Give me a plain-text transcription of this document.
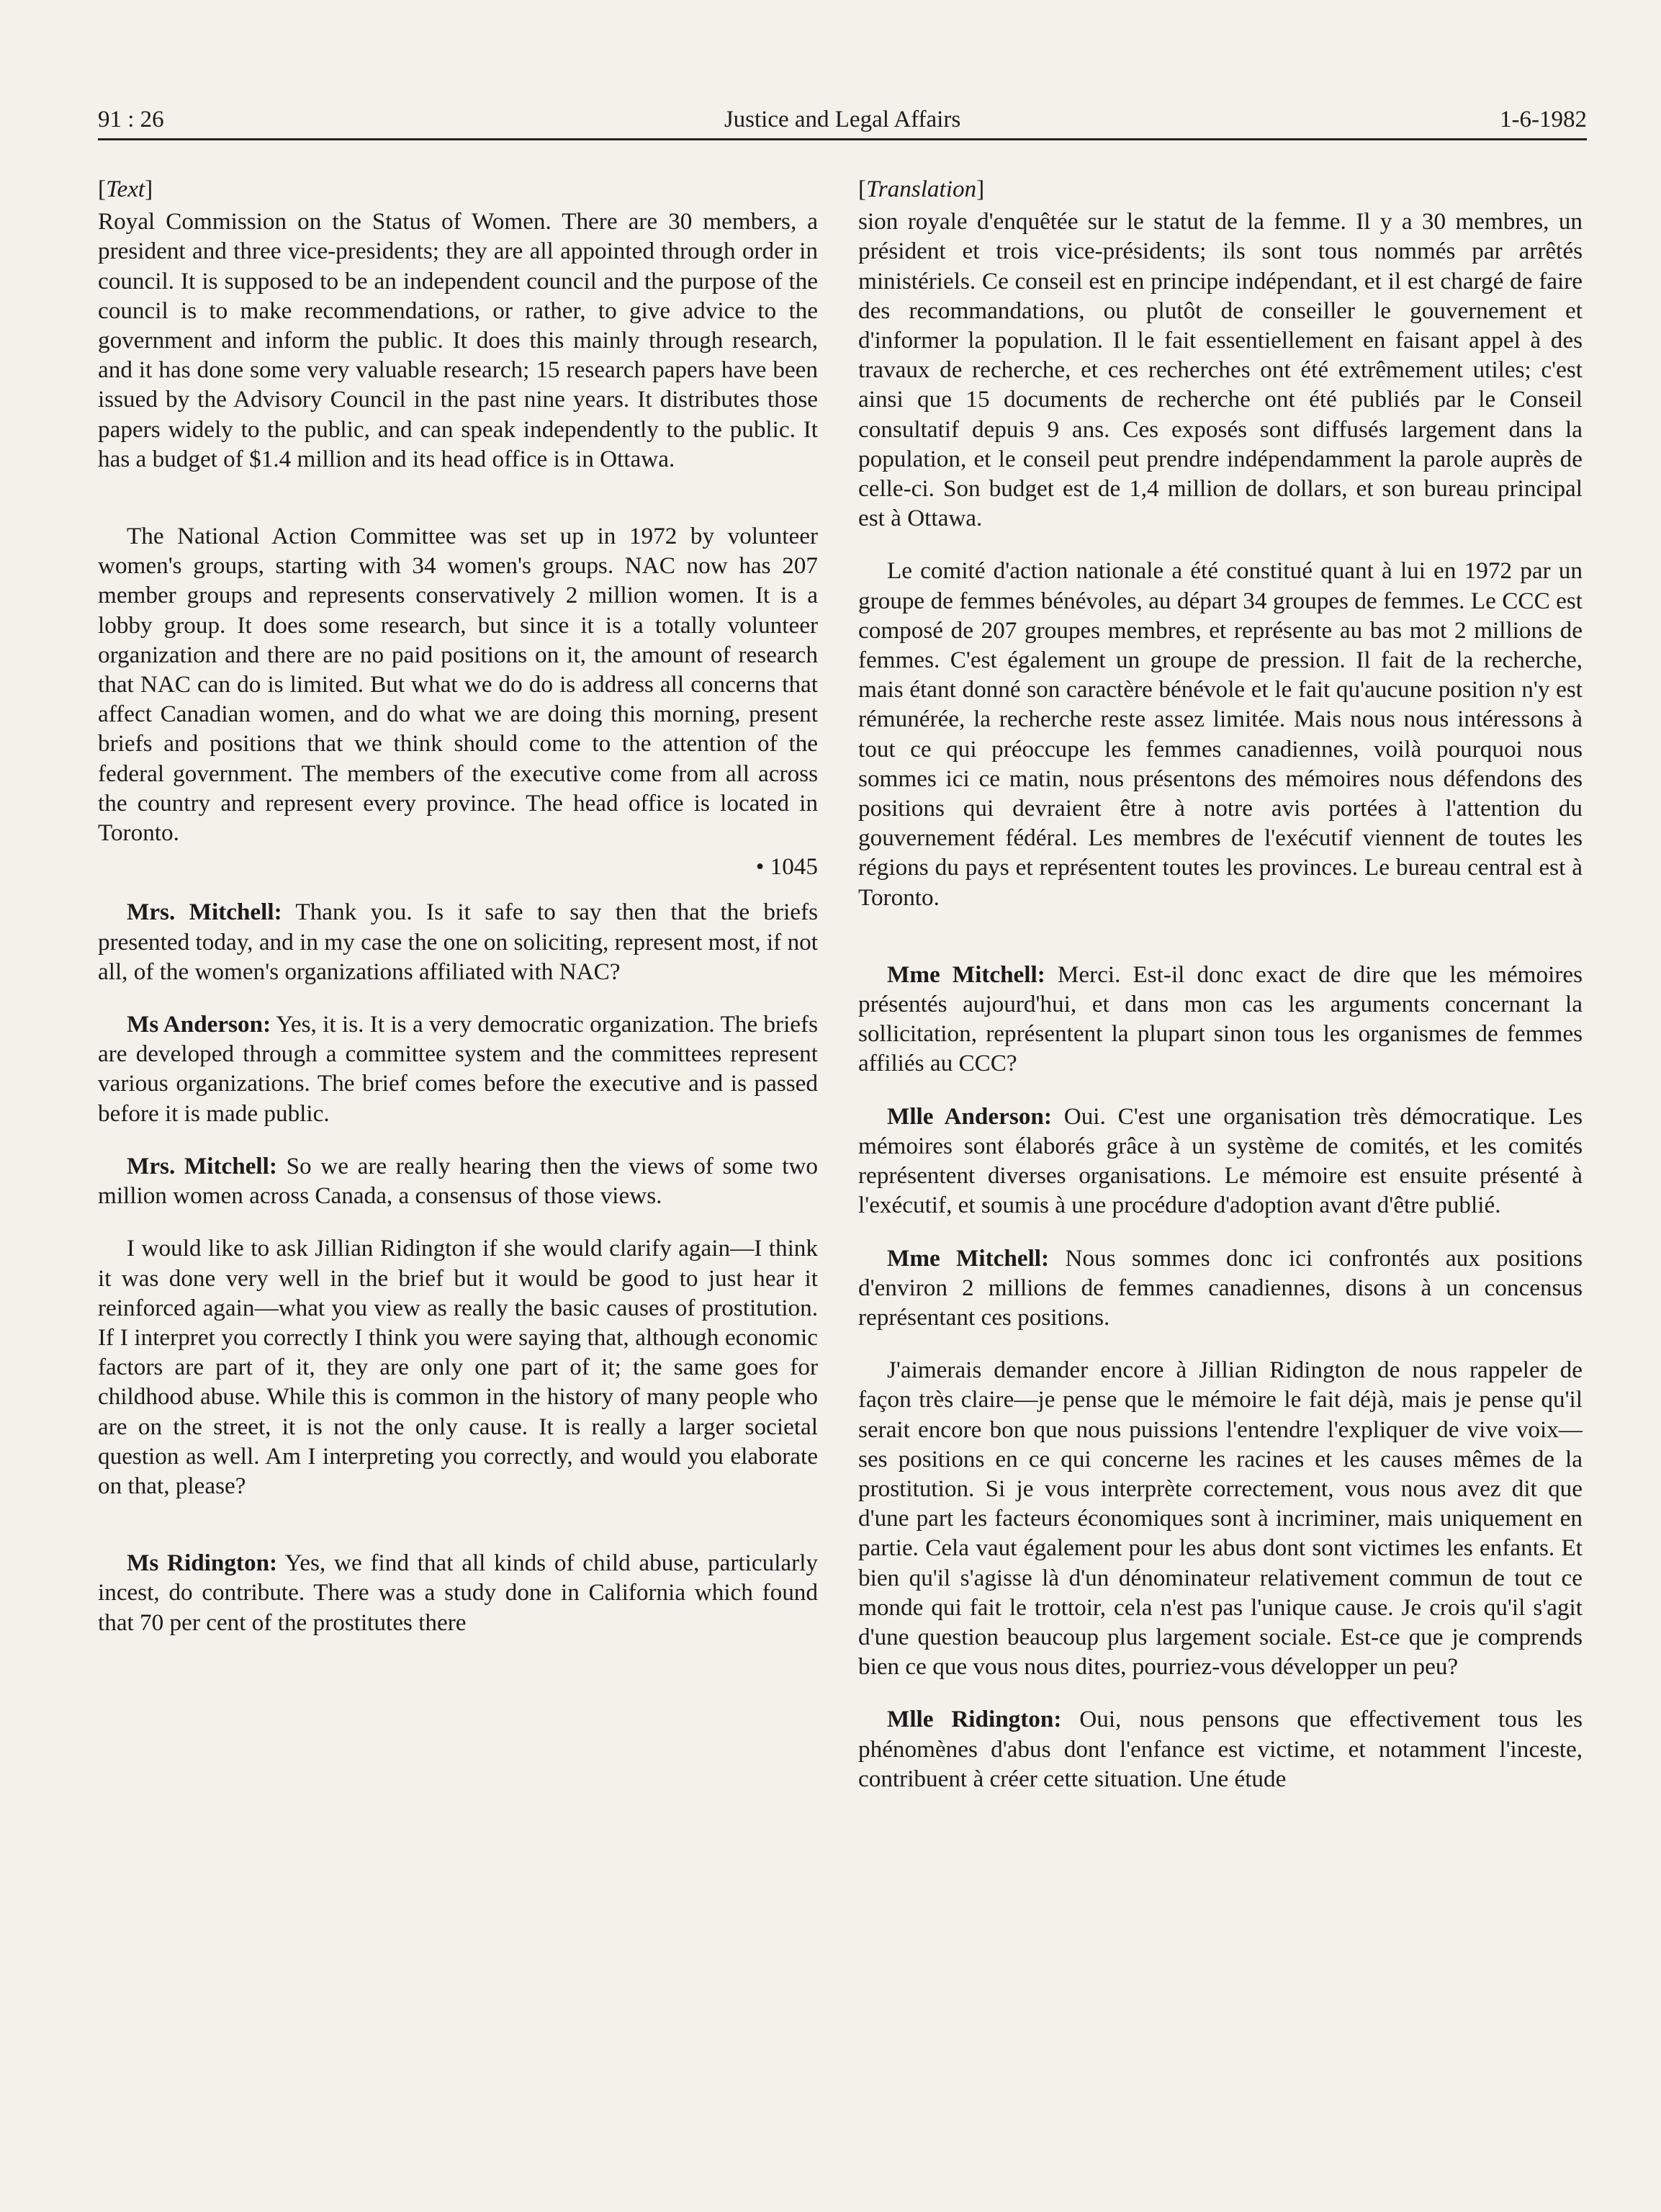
91 : 26	Justice and Legal Affairs	1-6-1982
[Text]

Royal Commission on the Status of Women. There are 30 members, a president and three vice-presidents; they are all appointed through order in council. It is supposed to be an independent council and the purpose of the council is to make recommendations, or rather, to give advice to the government and inform the public. It does this mainly through research, and it has done some very valuable research; 15 research papers have been issued by the Advisory Council in the past nine years. It distributes those papers widely to the public, and can speak independently to the public. It has a budget of $1.4 million and its head office is in Ottawa.

The National Action Committee was set up in 1972 by volunteer women's groups, starting with 34 women's groups. NAC now has 207 member groups and represents conservatively 2 million women. It is a lobby group. It does some research, but since it is a totally volunteer organization and there are no paid positions on it, the amount of research that NAC can do is limited. But what we do do is address all concerns that affect Canadian women, and do what we are doing this morning, present briefs and positions that we think should come to the attention of the federal government. The members of the executive come from all across the country and represent every province. The head office is located in Toronto.

• 1045

Mrs. Mitchell: Thank you. Is it safe to say then that the briefs presented today, and in my case the one on soliciting, represent most, if not all, of the women's organizations affiliated with NAC?

Ms Anderson: Yes, it is. It is a very democratic organization. The briefs are developed through a committee system and the committees represent various organizations. The brief comes before the executive and is passed before it is made public.

Mrs. Mitchell: So we are really hearing then the views of some two million women across Canada, a consensus of those views.

I would like to ask Jillian Ridington if she would clarify again—I think it was done very well in the brief but it would be good to just hear it reinforced again—what you view as really the basic causes of prostitution. If I interpret you correctly I think you were saying that, although economic factors are part of it, they are only one part of it; the same goes for childhood abuse. While this is common in the history of many people who are on the street, it is not the only cause. It is really a larger societal question as well. Am I interpreting you correctly, and would you elaborate on that, please?

Ms Ridington: Yes, we find that all kinds of child abuse, particularly incest, do contribute. There was a study done in California which found that 70 per cent of the prostitutes there

[Translation]

sion royale d'enquêtée sur le statut de la femme. Il y a 30 membres, un président et trois vice-présidents; ils sont tous nommés par arrêtés ministériels. Ce conseil est en principe indépendant, et il est chargé de faire des recommandations, ou plutôt de conseiller le gouvernement et d'informer la population. Il le fait essentiellement en faisant appel à des travaux de recherche, et ces recherches ont été extrêmement utiles; c'est ainsi que 15 documents de recherche ont été publiés par le Conseil consultatif depuis 9 ans. Ces exposés sont diffusés largement dans la population, et le conseil peut prendre indépendamment la parole auprès de celle-ci. Son budget est de 1,4 million de dollars, et son bureau principal est à Ottawa.

Le comité d'action nationale a été constitué quant à lui en 1972 par un groupe de femmes bénévoles, au départ 34 groupes de femmes. Le CCC est composé de 207 groupes membres, et représente au bas mot 2 millions de femmes. C'est également un groupe de pression. Il fait de la recherche, mais étant donné son caractère bénévole et le fait qu'aucune position n'y est rémunérée, la recherche reste assez limitée. Mais nous nous intéressons à tout ce qui préoccupe les femmes canadiennes, voilà pourquoi nous sommes ici ce matin, nous présentons des mémoires nous défendons des positions qui devraient être à notre avis portées à l'attention du gouvernement fédéral. Les membres de l'exécutif viennent de toutes les régions du pays et représentent toutes les provinces. Le bureau central est à Toronto.

Mme Mitchell: Merci. Est-il donc exact de dire que les mémoires présentés aujourd'hui, et dans mon cas les arguments concernant la sollicitation, représentent la plupart sinon tous les organismes de femmes affiliés au CCC?

Mlle Anderson: Oui. C'est une organisation très démocratique. Les mémoires sont élaborés grâce à un système de comités, et les comités représentent diverses organisations. Le mémoire est ensuite présenté à l'exécutif, et soumis à une procédure d'adoption avant d'être publié.

Mme Mitchell: Nous sommes donc ici confrontés aux positions d'environ 2 millions de femmes canadiennes, disons à un concensus représentant ces positions.

J'aimerais demander encore à Jillian Ridington de nous rappeler de façon très claire—je pense que le mémoire le fait déjà, mais je pense qu'il serait encore bon que nous puissions l'entendre l'expliquer de vive voix—ses positions en ce qui concerne les racines et les causes mêmes de la prostitution. Si je vous interprète correctement, vous nous avez dit que d'une part les facteurs économiques sont à incriminer, mais uniquement en partie. Cela vaut également pour les abus dont sont victimes les enfants. Et bien qu'il s'agisse là d'un dénominateur relativement commun de tout ce monde qui fait le trottoir, cela n'est pas l'unique cause. Je crois qu'il s'agit d'une question beaucoup plus largement sociale. Est-ce que je comprends bien ce que vous nous dites, pourriez-vous développer un peu?

Mlle Ridington: Oui, nous pensons que effectivement tous les phénomènes d'abus dont l'enfance est victime, et notamment l'inceste, contribuent à créer cette situation. Une étude
